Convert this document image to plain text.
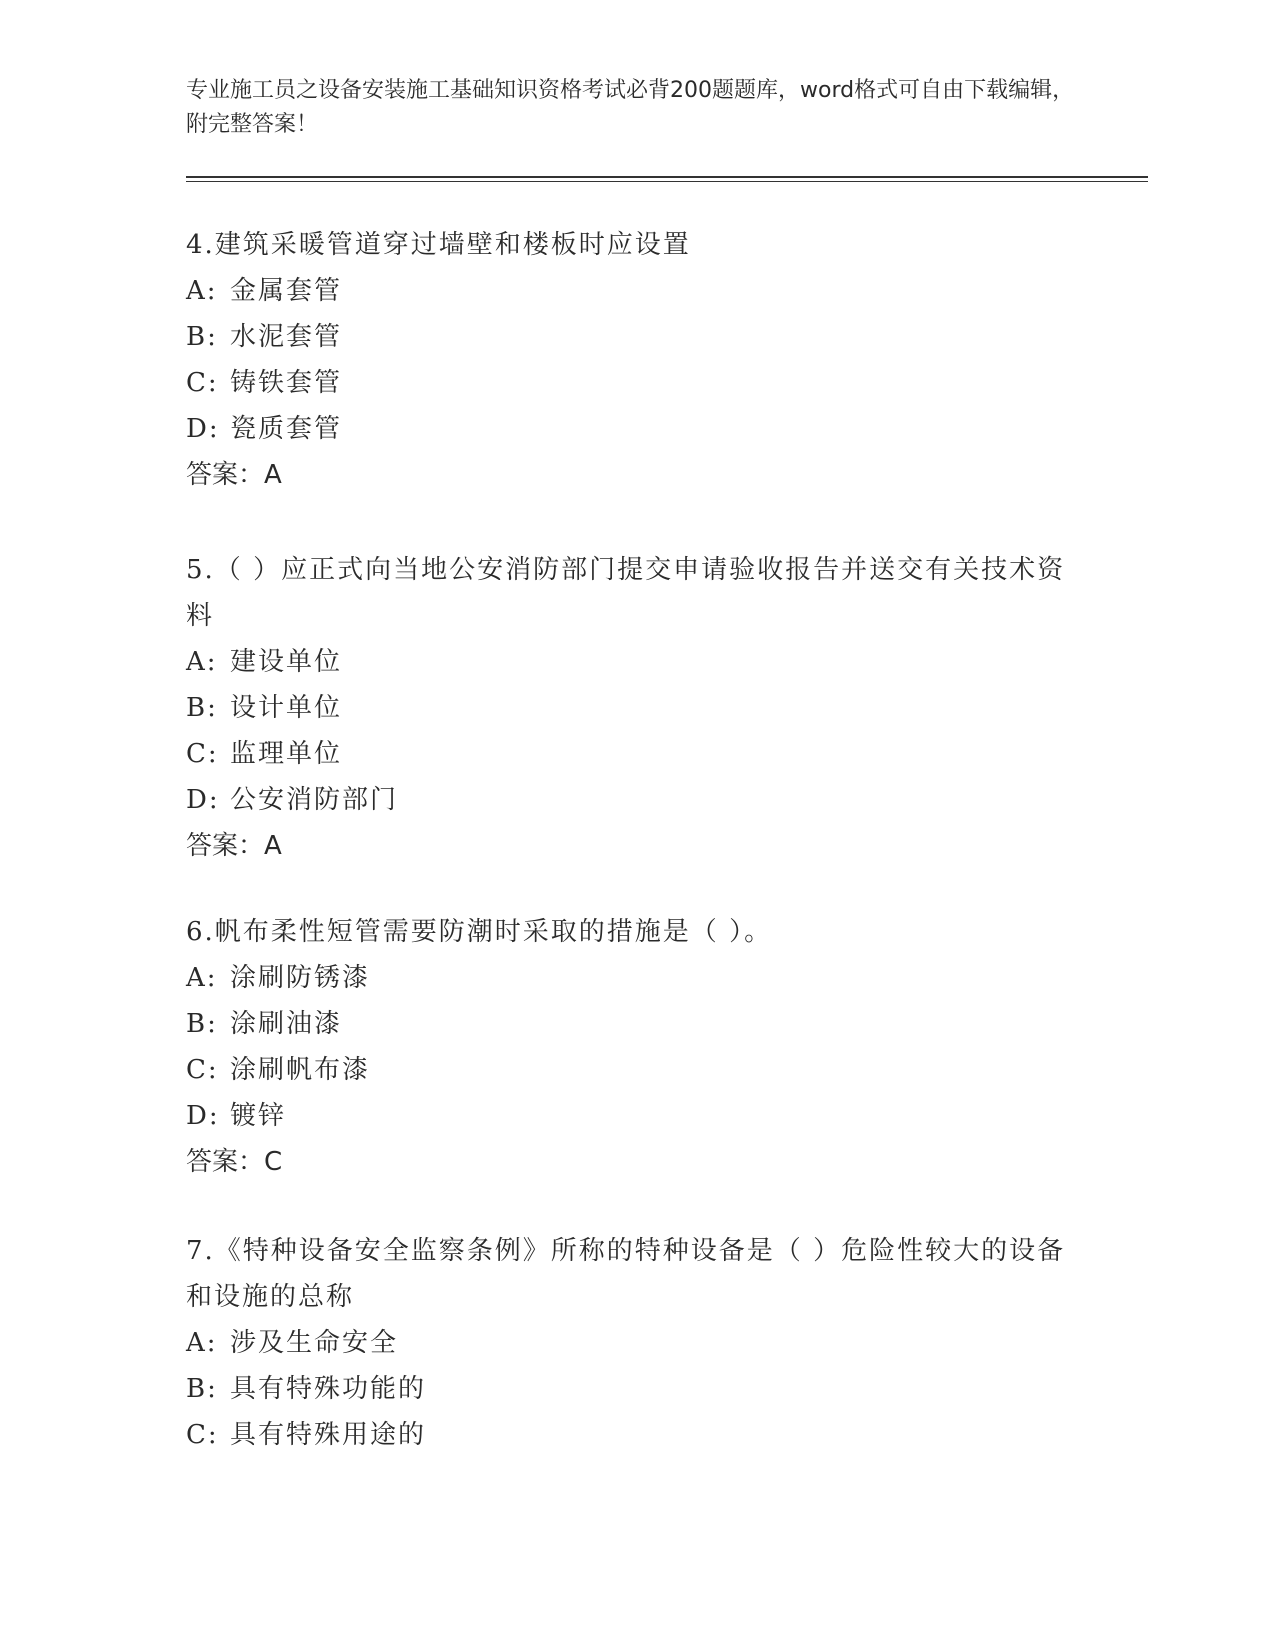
专业施工员之设备安装施工基础知识资格考试必背200题题库，word格式可自由下载编辑，附完整答案！

4.建筑采暖管道穿过墙壁和楼板时应设置

A: 金属套管

B: 水泥套管

C: 铸铁套管

D: 瓷质套管

答案：A

5.（ ）应正式向当地公安消防部门提交申请验收报告并送交有关技术资料

A: 建设单位

B: 设计单位

C: 监理单位

D: 公安消防部门

答案：A

6.帆布柔性短管需要防潮时采取的措施是（ ）。

A: 涂刷防锈漆

B: 涂刷油漆

C: 涂刷帆布漆

D: 镀锌

答案：C

7.《特种设备安全监察条例》所称的特种设备是（ ）危险性较大的设备和设施的总称

A: 涉及生命安全

B: 具有特殊功能的

C: 具有特殊用途的
